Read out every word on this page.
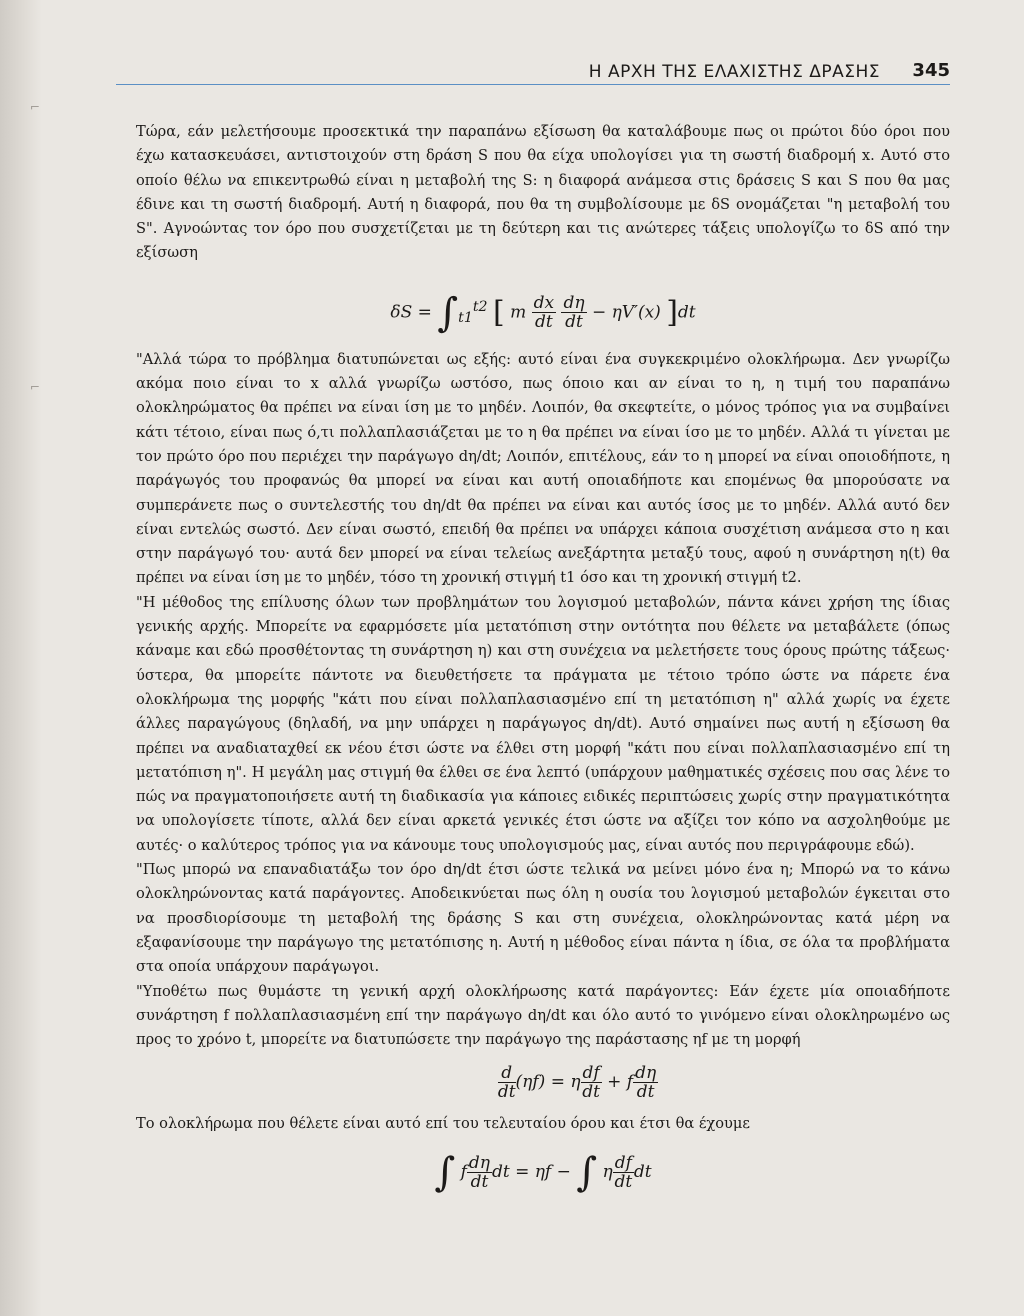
⌐
⌐
Η ΑΡΧΗ ΤΗΣ ΕΛΑΧΙΣΤΗΣ ΔΡΑΣΗΣ 345

Τώρα, εάν μελετήσουμε προσεκτικά την παραπάνω εξίσωση θα καταλάβουμε πως οι πρώτοι δύο όροι που έχω κατασκευάσει, αντιστοιχούν στη δράση S που θα είχα υπολογίσει για τη σωστή διαδρομή x. Αυτό στο οποίο θέλω να επικεντρωθώ είναι η μεταβολή της S: η διαφορά ανάμεσα στις δράσεις S και S που θα μας έδινε και τη σωστή διαδρομή. Αυτή η διαφορά, που θα τη συμβολίσουμε με δS ονομάζεται "η μεταβολή του S". Αγνοώντας τον όρο που συσχετίζεται με τη δεύτερη και τις ανώτερες τάξεις υπολογίζω το δS από την εξίσωση

$\delta S = \int_{t1}^{t2}$ [ m $\frac{dx}{dt}$
$\frac{d\eta}{dt} - \eta V'(x)$ ]dt

"Αλλά τώρα το πρόβλημα διατυπώνεται ως εξής: αυτό είναι ένα συγκεκριμένο ολοκλήρωμα. Δεν γνωρίζω ακόμα ποιο είναι το x αλλά γνωρίζω ωστόσο, πως όποιο και αν είναι το η, η τιμή του παραπάνω ολοκληρώματος θα πρέπει να είναι ίση με το μηδέν. Λοιπόν, θα σκεφτείτε, ο μόνος τρόπος για να συμβαίνει κάτι τέτοιο, είναι πως ό,τι πολλαπλασιάζεται με το η θα πρέπει να είναι ίσο με το μηδέν. Αλλά τι γίνεται με τον πρώτο όρο που περιέχει την παράγωγο dη/dt; Λοιπόν, επιτέλους, εάν το η μπορεί να είναι οποιοδήποτε, η παράγωγός του προφανώς θα μπορεί να είναι και αυτή οποιαδήποτε και επομένως θα μπορούσατε να συμπεράνετε πως ο συντελεστής του dη/dt θα πρέπει να είναι και αυτός ίσος με το μηδέν. Αλλά αυτό δεν είναι εντελώς σωστό. Δεν είναι σωστό, επειδή θα πρέπει να υπάρχει κάποια συσχέτιση ανάμεσα στο η και στην παράγωγό του· αυτά δεν μπορεί να είναι τελείως ανεξάρτητα μεταξύ τους, αφού η συνάρτηση η(t) θα πρέπει να είναι ίση με το μηδέν, τόσο τη χρονική στιγμή t1 όσο και τη χρονική στιγμή t2.

"Η μέθοδος της επίλυσης όλων των προβλημάτων του λογισμού μεταβολών, πάντα κάνει χρήση της ίδιας γενικής αρχής. Μπορείτε να εφαρμόσετε μία μετατόπιση στην οντότητα που θέλετε να μεταβάλετε (όπως κάναμε και εδώ προσθέτοντας τη συνάρτηση η) και στη συνέχεια να μελετήσετε τους όρους πρώτης τάξεως· ύστερα, θα μπορείτε πάντοτε να διευθετήσετε τα πράγματα με τέτοιο τρόπο ώστε να πάρετε ένα ολοκλήρωμα της μορφής "κάτι που είναι πολλαπλασιασμένο επί τη μετατόπιση η" αλλά χωρίς να έχετε άλλες παραγώγους (δηλαδή, να μην υπάρχει η παράγωγος dη/dt). Αυτό σημαίνει πως αυτή η εξίσωση θα πρέπει να αναδιαταχθεί εκ νέου έτσι ώστε να έλθει στη μορφή "κάτι που είναι πολλαπλασιασμένο επί τη μετατόπιση η". Η μεγάλη μας στιγμή θα έλθει σε ένα λεπτό (υπάρχουν μαθηματικές σχέσεις που σας λένε το πώς να πραγματοποιήσετε αυτή τη διαδικασία για κάποιες ειδικές περιπτώσεις χωρίς στην πραγματικότητα να υπολογίσετε τίποτε, αλλά δεν είναι αρκετά γενικές έτσι ώστε να αξίζει τον κόπο να ασχοληθούμε με αυτές· ο καλύτερος τρόπος για να κάνουμε τους υπολογισμούς μας, είναι αυτός που περιγράφουμε εδώ).

"Πως μπορώ να επαναδιατάξω τον όρο dη/dt έτσι ώστε τελικά να μείνει μόνο ένα η; Μπορώ να το κάνω ολοκληρώνοντας κατά παράγοντες. Αποδεικνύεται πως όλη η ουσία του λογισμού μεταβολών έγκειται στο να προσδιορίσουμε τη μεταβολή της δράσης S και στη συνέχεια, ολοκληρώνοντας κατά μέρη να εξαφανίσουμε την παράγωγο της μετατόπισης η. Αυτή η μέθοδος είναι πάντα η ίδια, σε όλα τα προβλήματα στα οποία υπάρχουν παράγωγοι.

"Υποθέτω πως θυμάστε τη γενική αρχή ολοκλήρωσης κατά παράγοντες: Εάν έχετε μία οποιαδήποτε συνάρτηση f πολλαπλασιασμένη επί την παράγωγο dη/dt και όλο αυτό το γινόμενο είναι ολοκληρωμένο ως προς το χρόνο t, μπορείτε να διατυπώσετε την παράγωγο της παράστασης ηf με τη μορφή

$\frac{d}{dt} (\eta f) = \eta \frac{df}{dt} + f \frac{d\eta}{dt}$

Το ολοκλήρωμα που θέλετε είναι αυτό επί του τελευταίου όρου και έτσι θα έχουμε

∫ f $\frac{d\eta}{dt}$ dt = ηf − ∫ η $\frac{df}{dt}$ dt
